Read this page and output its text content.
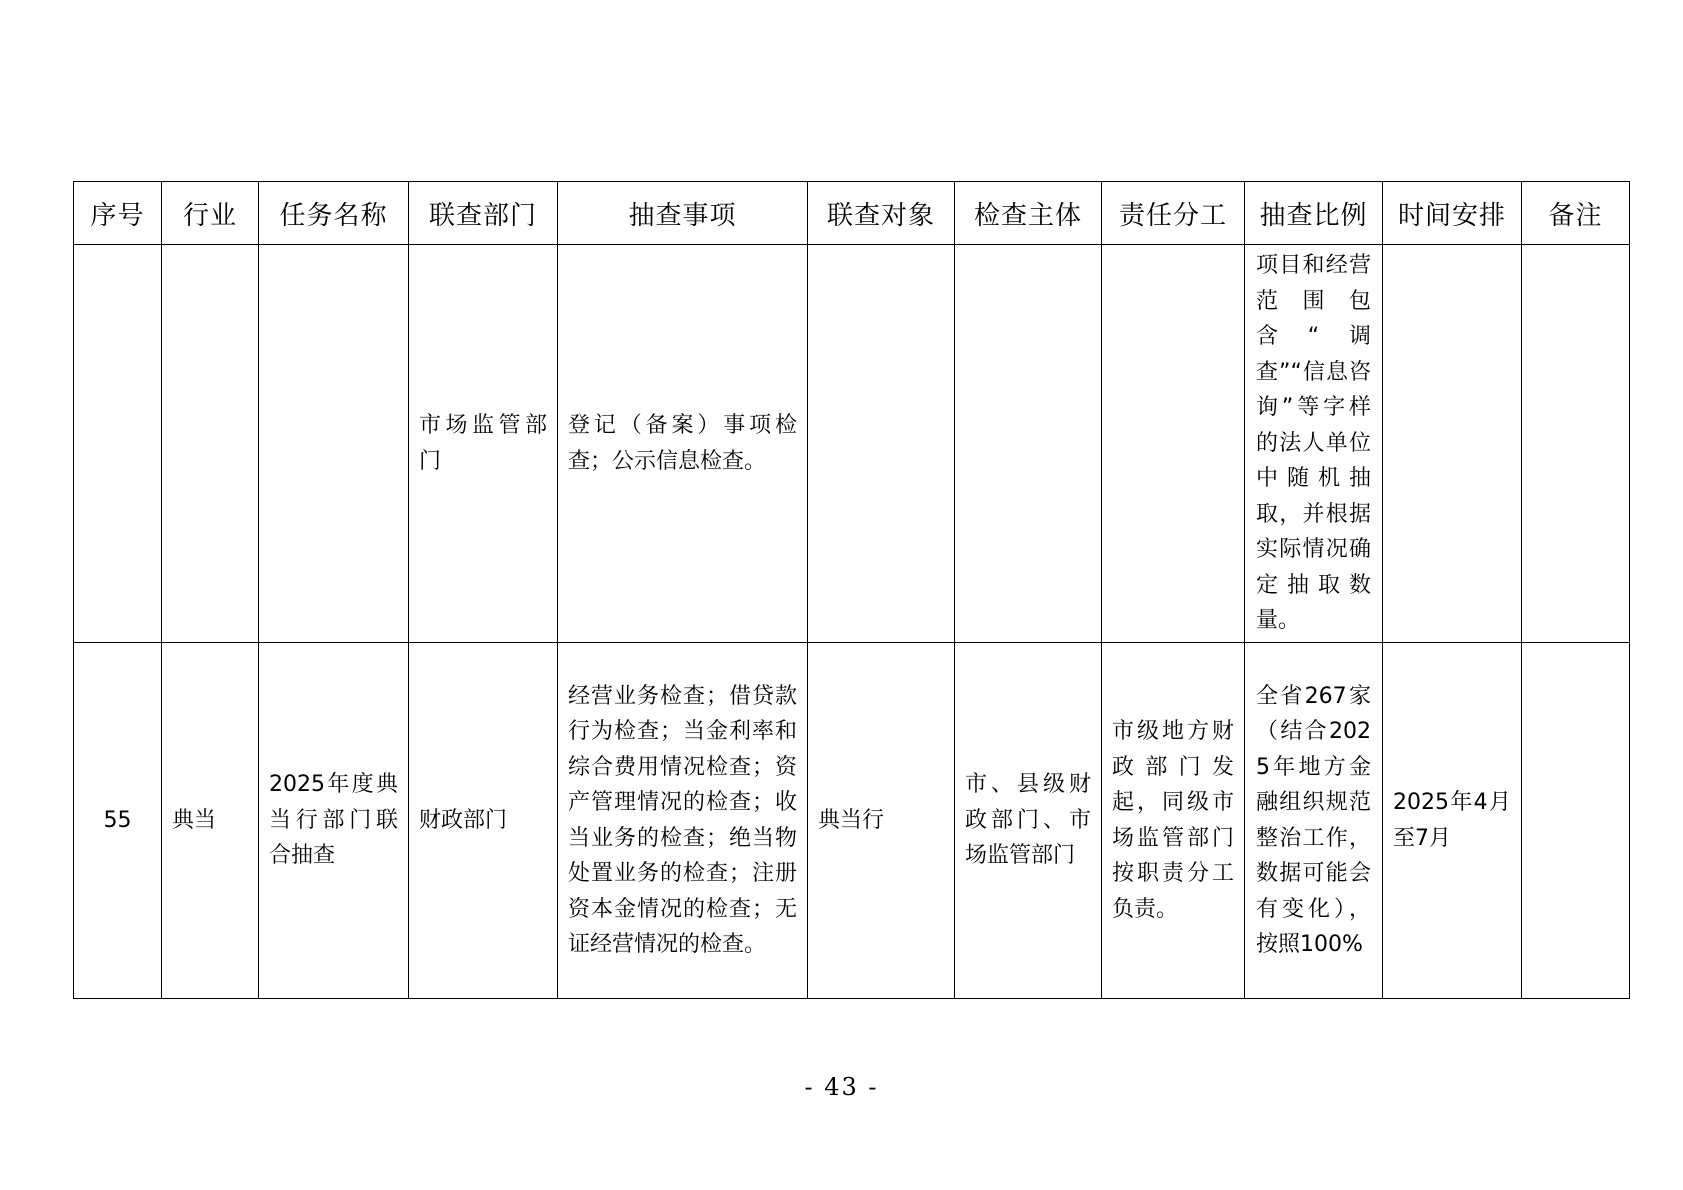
序号	行业	任务名称	联查部门	抽查事项	联查对象	检查主体	责任分工	抽查比例	时间安排	备注

			市场监管部门	登记（备案）事项检查；公示信息检查。				项目和经营范围包含“调查”“信息咨询”等字样的法人单位中随机抽取，并根据实际情况确定抽取数量。		

55	典当	2025年度典当行部门联合抽查	财政部门	经营业务检查；借贷款行为检查；当金利率和综合费用情况检查；资产管理情况的检查；收当业务的检查；绝当物处置业务的检查；注册资本金情况的检查；无证经营情况的检查。	典当行	市、县级财政部门、市场监管部门	市级地方财政部门发起，同级市场监管部门按职责分工负责。	全省267家（结合2025年地方金融组织规范整治工作，数据可能会有变化），按照100%	2025年4月至7月	

- 43 -
